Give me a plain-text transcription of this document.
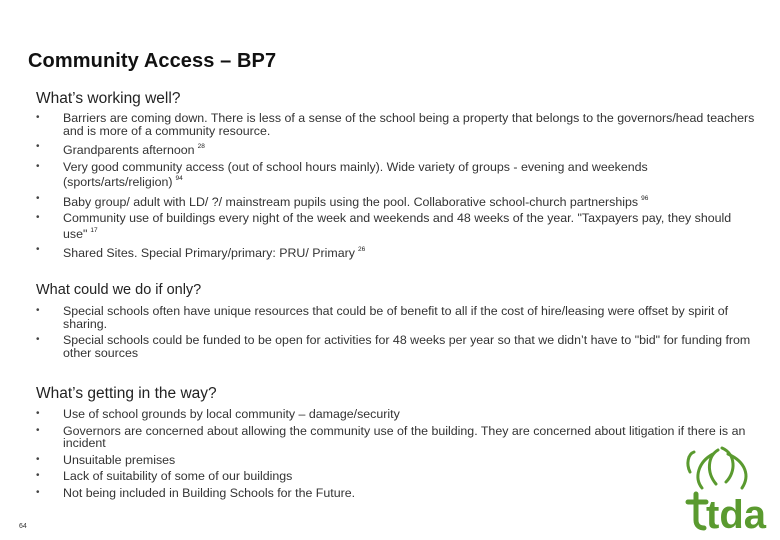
Community Access – BP7
What’s working well?
• Barriers are coming down. There is less of a sense of the school being a property that belongs to the governors/head teachers and is more of a community resource.
• Grandparents afternoon $^{28}$
• Very good community access (out of school hours mainly). Wide variety of groups - evening and weekends (sports/arts/religion) $^{94}$
• Baby group/ adult with LD/ ?/ mainstream pupils using the pool. Collaborative school-church partnerships $^{96}$
• Community use of buildings every night of the week and weekends and 48 weeks of the year. "Taxpayers pay, they should use" $^{17}$
• Shared Sites. Special Primary/primary: PRU/ Primary $^{26}$
What could we do if only?
• Special schools often have unique resources that could be of benefit to all if the cost of hire/leasing were offset by spirit of sharing.
• Special schools could be funded to be open for activities for 48 weeks per year so that we didn’t have to "bid" for funding from other sources
What’s getting in the way?
• Use of school grounds by local community – damage/security
• Governors are concerned about allowing the community use of the building. They are concerned about litigation if there is an incident
• Unsuitable premises
• Lack of suitability of some of our buildings
• Not being included in Building Schools for the Future.
64	tda
